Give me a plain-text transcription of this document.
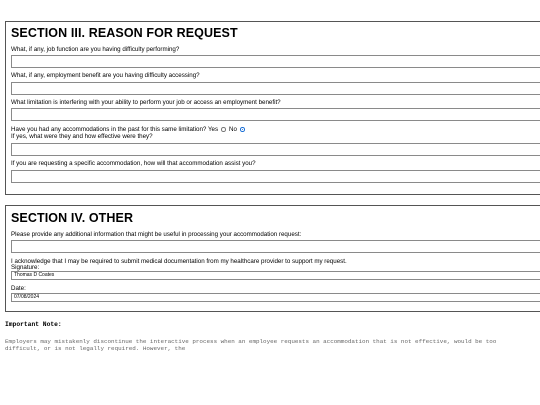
SECTION III. REASON FOR REQUEST
What, if any, job function are you having difficulty performing?
What, if any, employment benefit are you having difficulty accessing?
What limitation is interfering with your ability to perform your job or access an employment benefit?
Have you had any accommodations in the past for this same limitation? Yes No
If yes, what were they and how effective were they?
If you are requesting a specific accommodation, how will that accommodation assist you?
SECTION IV. OTHER
Please provide any additional information that might be useful in processing your accommodation request:
I acknowledge that I may be required to submit medical documentation from my healthcare provider to support my request.
Signature:
Thomas D Coates
Date:
07/08/2024
Important Note:
Employers may mistakenly discontinue the interactive process when an employee requests an accommodation that is not effective, would be too difficult, or is not legally required. However, the
